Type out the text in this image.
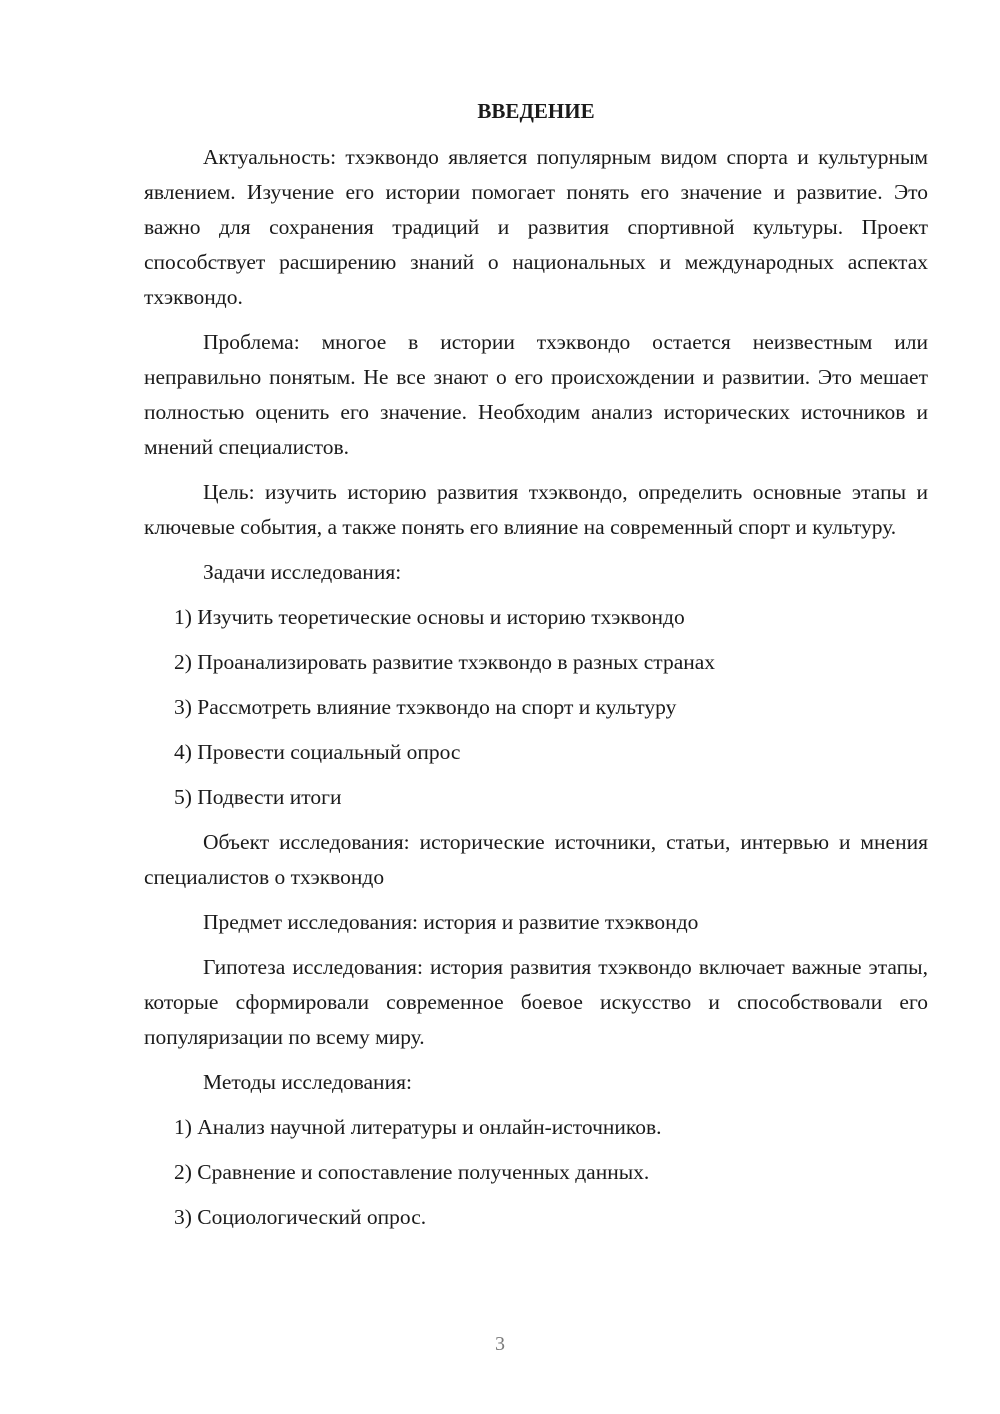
ВВЕДЕНИЕ

Актуальность: тхэквондо является популярным видом спорта и культурным явлением. Изучение его истории помогает понять его значение и развитие. Это важно для сохранения традиций и развития спортивной культуры. Проект способствует расширению знаний о национальных и международных аспектах тхэквондо.

Проблема: многое в истории тхэквондо остается неизвестным или неправильно понятым. Не все знают о его происхождении и развитии. Это мешает полностью оценить его значение. Необходим анализ исторических источников и мнений специалистов.

Цель: изучить историю развития тхэквондо, определить основные этапы и ключевые события, а также понять его влияние на современный спорт и культуру.

Задачи исследования:

1) Изучить теоретические основы и историю тхэквондо
2) Проанализировать развитие тхэквондо в разных странах
3) Рассмотреть влияние тхэквондо на спорт и культуру
4) Провести социальный опрос
5) Подвести итоги

Объект исследования: исторические источники, статьи, интервью и мнения специалистов о тхэквондо

Предмет исследования: история и развитие тхэквондо

Гипотеза исследования: история развития тхэквондо включает важные этапы, которые сформировали современное боевое искусство и способствовали его популяризации по всему миру.

Методы исследования:

1) Анализ научной литературы и онлайн-источников.
2) Сравнение и сопоставление полученных данных.
3) Социологический опрос.
3
